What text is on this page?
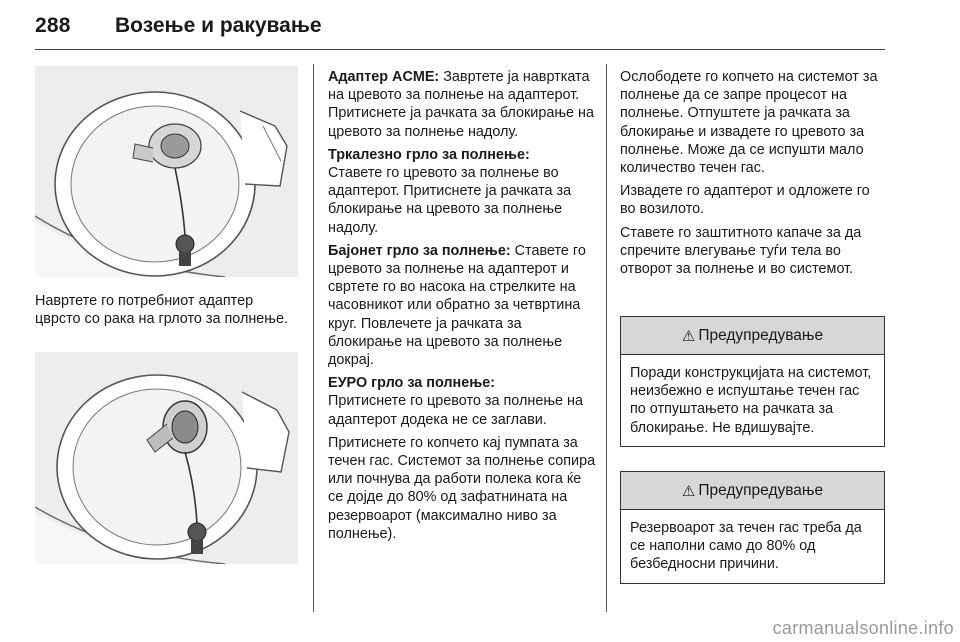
288 Возење и ракување

Навртете го потребниот адаптер цврсто со рака на грлото за полнење.

Адаптер ACME: Завртете ја навртката на цревото за полнење на адаптерот. Притиснете ја рачката за блокирање на цревото за полнење надолу.

Тркалезно грло за полнење:
Ставете го цревото за полнење во адаптерот. Притиснете ја рачката за блокирање на цревото за полнење надолу.

Бајонет грло за полнење: Ставете го цревото за полнење на адаптерот и свртете го во насока на стрелките на часовникот или обратно за четвртина круг. Повлечете ја рачката за блокирање на цревото за полнење докрај.

ЕУРО грло за полнење:
Притиснете го цревото за полнење на адаптерот додека не се заглави.

Притиснете го копчето кај пумпата за течен гас. Системот за полнење сопира или почнува да работи полека кога ќе се дојде до 80% од зафатнината на резервоарот (максимално ниво за полнење).

Ослободете го копчето на системот за полнење да се запре процесот на полнење. Отпуштете ја рачката за блокирање и извадете го цревото за полнење. Може да се испушти мало количество течен гас.

Извадете го адаптерот и одложете го во возилото.

Ставете го заштитното капаче за да спречите влегување туѓи тела во отворот за полнење и во системот.

⚠ Предупредување
Поради конструкцијата на системот, неизбежно е испуштање течен гас по отпуштањето на рачката за блокирање. Не вдишувајте.
⚠ Предупредување
Резервоарот за течен гас треба да се наполни само до 80% од безбедносни причини.
carmanualsonline.info
